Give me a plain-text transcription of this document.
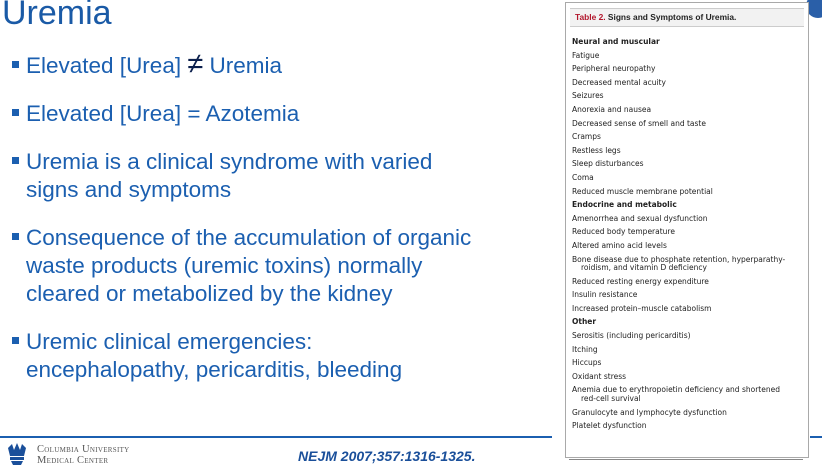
Uremia
Elevated [Urea] ≠ Uremia
Elevated [Urea] = Azotemia
Uremia is a clinical syndrome with varied
signs and symptoms
Consequence of the accumulation of organic
waste products (uremic toxins) normally
cleared or metabolized by the kidney
Uremic clinical emergencies:
encephalopathy, pericarditis, bleeding
Columbia University
Medical Center	NEJM 2007;357:1316-1325.
Table 2. Signs and Symptoms of Uremia.
Neural and muscular
Fatigue
Peripheral neuropathy
Decreased mental acuity
Seizures
Anorexia and nausea
Decreased sense of smell and taste
Cramps
Restless legs
Sleep disturbances
Coma
Reduced muscle membrane potential
Endocrine and metabolic
Amenorrhea and sexual dysfunction
Reduced body temperature
Altered amino acid levels
Bone disease due to phosphate retention, hyperparathy-
roidism, and vitamin D deficiency
Reduced resting energy expenditure
Insulin resistance
Increased protein–muscle catabolism
Other
Serositis (including pericarditis)
Itching
Hiccups
Oxidant stress
Anemia due to erythropoietin deficiency and shortened
red-cell survival
Granulocyte and lymphocyte dysfunction
Platelet dysfunction
